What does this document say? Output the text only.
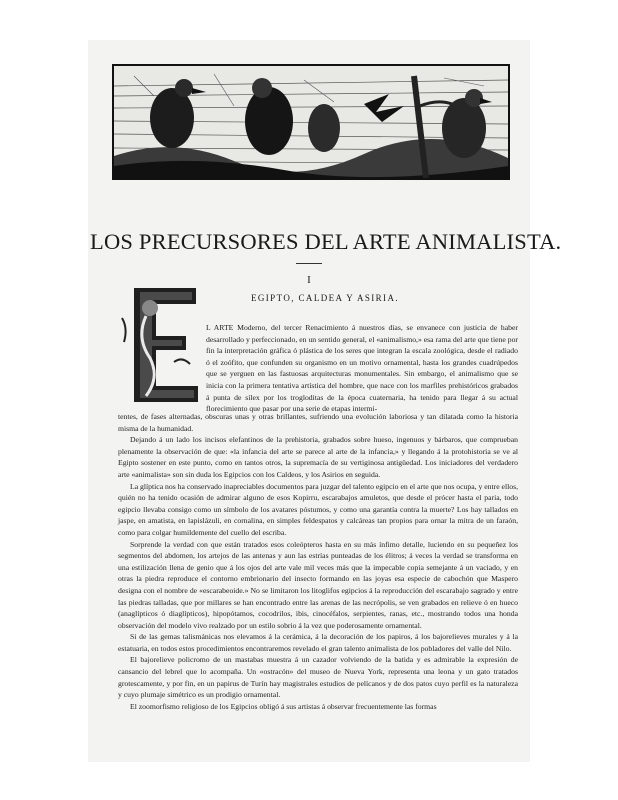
LOS PRECURSORES DEL ARTE ANIMALISTA.
I
EGIPTO, CALDEA Y ASIRIA.

L ARTE Moderno, del tercer Renacimiento á nuestros días, se envanece con justicia de haber desarrollado y perfeccionado, en un sentido general, el «animalismo,» esa rama del arte que tiene por fin la interpretación gráfica ó plástica de los seres que integran la escala zoológica, desde el radiado ó el zoófito, que confunden su organismo en un motivo ornamental, hasta los grandes cuadrúpedos que se yerguen en las fastuosas arquitecturas monumentales. Sin embargo, el animalismo que se inicia con la primera tentativa artística del hombre, que nace con los marfiles prehistóricos grabados á punta de sílex por los trogloditas de la época cuaternaria, ha tenido para llegar á su actual florecimiento que pasar por una serie de etapas intermi-

tentes, de fases alternadas, obscuras unas y otras brillantes, sufriendo una evolución laboriosa y tan dilatada como la historia misma de la humanidad.

Dejando á un lado los incisos elefantinos de la prehistoria, grabados sobre hueso, ingenuos y bárbaros, que comprueban plenamente la observación de que: «la infancia del arte se parece al arte de la infancia,» y llegando á la protohistoria se ve al Egipto sostener en este punto, como en tantos otros, la supremacía de su vertiginosa antigüedad. Los iniciadores del verdadero arte «animalista» son sin duda los Egipcios con los Caldeos, y los Asirios en seguida.

La glíptica nos ha conservado inapreciables documentos para juzgar del talento egipcio en el arte que nos ocupa, y entre ellos, quién no ha tenido ocasión de admirar alguno de esos Kopirru, escarabajos amuletos, que desde el prócer hasta el paria, todo egipcio llevaba consigo como un símbolo de los avatares póstumos, y como una garantía contra la muerte? Los hay tallados en jaspe, en amatista, en lapislázuli, en cornalina, en simples feldespatos y calcáreas tan propios para ornar la mitra de un faraón, como para colgar humildemente del cuello del escriba.

Sorprende la verdad con que están tratados esos coleópteros hasta en su más ínfimo detalle, luciendo en su pequeñez los segmentos del abdomen, los artejos de las antenas y aun las estrías punteadas de los élitros; á veces la verdad se transforma en una estilización llena de genio que á los ojos del arte vale mil veces más que la impecable copia semejante á un vaciado, y en otras la piedra reproduce el contorno embrionario del insecto formando en las joyas esa especie de cabochón que Maspero designa con el nombre de «escarabeoide.» No se limitaron los litoglifos egipcios á la reproducción del escarabajo sagrado y entre las piedras talladas, que por millares se han encontrado entre las arenas de las necrópolis, se ven grabados en relieve ó en hueco (anaglípticos ó diaglípticos), hipopótamos, cocodrilos, ibis, cinocéfalos, serpientes, ranas, etc., mostrando todos una honda observación del modelo vivo realzado por un estilo sobrio á la vez que poderosamente ornamental.

Si de las gemas talismánicas nos elevamos á la cerámica, á la decoración de los papiros, á los bajorelieves murales y á la estatuaria, en todos estos procedimientos encontraremos revelado el gran talento animalista de los pobladores del valle del Nilo.

El bajorelieve policromo de un mastabas muestra á un cazador volviendo de la batida y es admirable la expresión de cansancio del lebrel que lo acompaña. Un «ostracón» del museo de Nueva York, representa una leona y un gato tratados grotescamente, y por fin, en un papirus de Turín hay magistrales estudios de pelícanos y de dos patos cuyo perfil es la naturaleza y cuyo plumaje simétrico es un prodigio ornamental.

El zoomorfismo religioso de los Egipcios obligó á sus artistas á observar frecuentemente las formas
